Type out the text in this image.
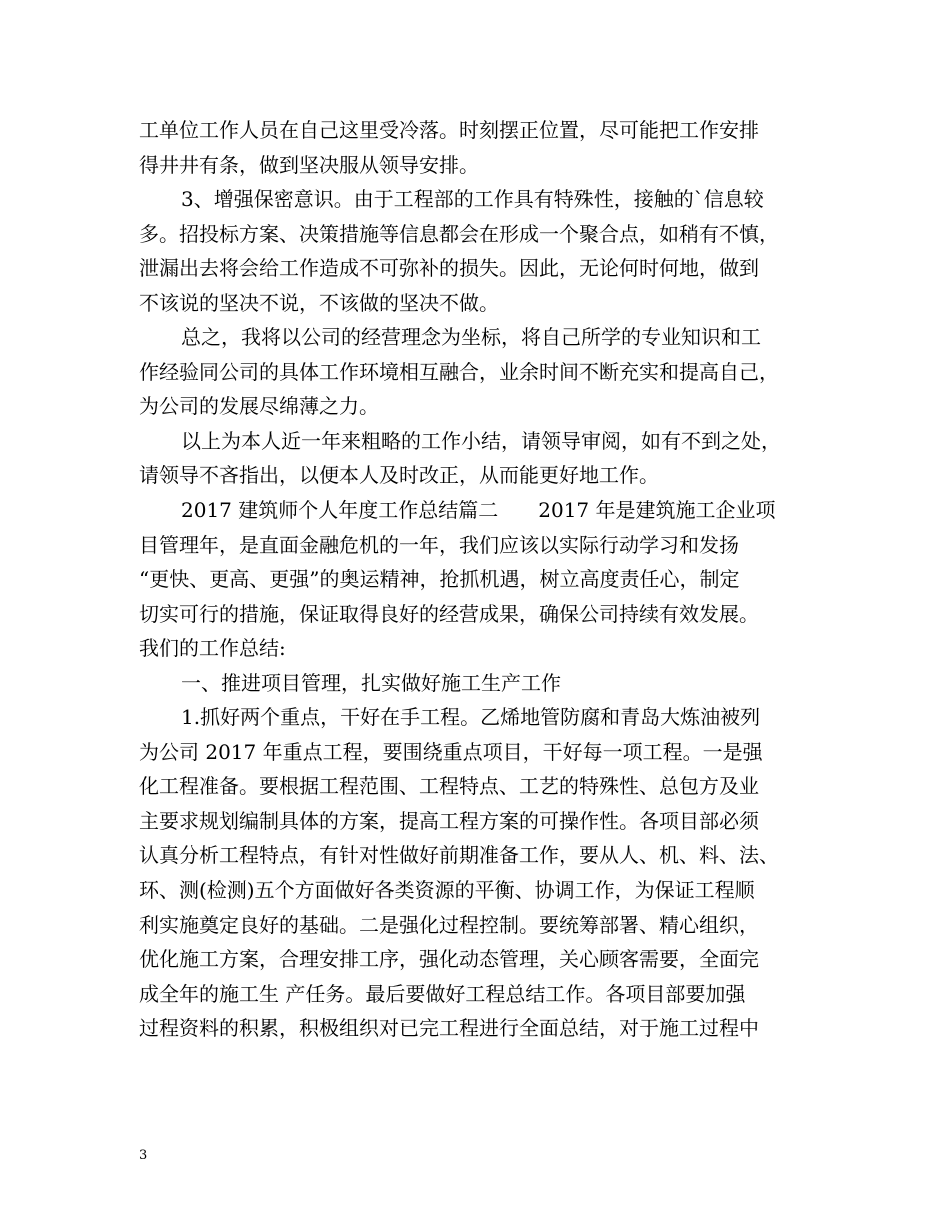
工单位工作人员在自己这里受冷落。时刻摆正位置，尽可能把工作安排
得井井有条，做到坚决服从领导安排。
3、增强保密意识。由于工程部的工作具有特殊性，接触的`信息较
多。招投标方案、决策措施等信息都会在形成一个聚合点，如稍有不慎，
泄漏出去将会给工作造成不可弥补的损失。因此，无论何时何地，做到
不该说的坚决不说，不该做的坚决不做。
总之，我将以公司的经营理念为坐标，将自己所学的专业知识和工
作经验同公司的具体工作环境相互融合，业余时间不断充实和提高自己，
为公司的发展尽绵薄之力。
以上为本人近一年来粗略的工作小结，请领导审阅，如有不到之处，
请领导不吝指出，以便本人及时改正，从而能更好地工作。
2017 建筑师个人年度工作总结篇二　　2017 年是建筑施工企业项
目管理年，是直面金融危机的一年，我们应该以实际行动学习和发扬
“更快、更高、更强”的奥运精神，抢抓机遇，树立高度责任心，制定
切实可行的措施，保证取得良好的经营成果，确保公司持续有效发展。
我们的工作总结:
一、推进项目管理，扎实做好施工生产工作
1.抓好两个重点，干好在手工程。乙烯地管防腐和青岛大炼油被列
为公司 2017 年重点工程，要围绕重点项目，干好每一项工程。一是强
化工程准备。要根据工程范围、工程特点、工艺的特殊性、总包方及业
主要求规划编制具体的方案，提高工程方案的可操作性。各项目部必须
认真分析工程特点，有针对性做好前期准备工作，要从人、机、料、法、
环、测(检测)五个方面做好各类资源的平衡、协调工作，为保证工程顺
利实施奠定良好的基础。二是强化过程控制。要统筹部署、精心组织，
优化施工方案，合理安排工序，强化动态管理，关心顾客需要，全面完
成全年的施工生 产任务。最后要做好工程总结工作。各项目部要加强
过程资料的积累，积极组织对已完工程进行全面总结，对于施工过程中
3
